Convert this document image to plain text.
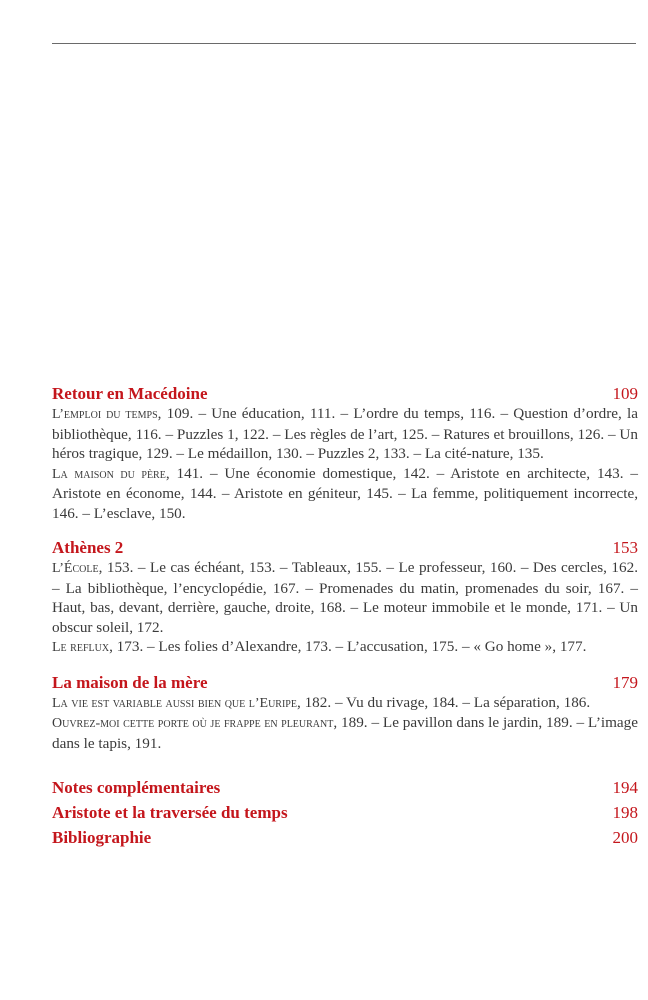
Retour en Macédoine	109

L’emploi du temps, 109. – Une éducation, 111. – L’ordre du temps, 116. – Question d’ordre, la bibliothèque, 116. – Puzzles 1, 122. – Les règles de l’art, 125. – Ratures et brouillons, 126. – Un héros tragique, 129. – Le médaillon, 130. – Puzzles 2, 133. – La cité-nature, 135.

La maison du père, 141. – Une économie domestique, 142. – Aristote en architecte, 143. – Aristote en économe, 144. – Aristote en géniteur, 145. – La femme, politiquement incorrecte, 146. – L’esclave, 150.

Athènes 2	153

L’École, 153. – Le cas échéant, 153. – Tableaux, 155. – Le professeur, 160. – Des cercles, 162. – La bibliothèque, l’encyclopédie, 167. – Promenades du matin, promenades du soir, 167. – Haut, bas, devant, derrière, gauche, droite, 168. – Le moteur immobile et le monde, 171. – Un obscur soleil, 172.

Le reflux, 173. – Les folies d’Alexandre, 173. – L’accusation, 175. – « Go home », 177.

La maison de la mère	179

La vie est variable aussi bien que l’Euripe, 182. – Vu du rivage, 184. – La séparation, 186.

Ouvrez-moi cette porte où je frappe en pleurant, 189. – Le pavillon dans le jardin, 189. – L’image dans le tapis, 191.

Notes complémentaires	194
Aristote et la traversée du temps	198
Bibliographie	200
